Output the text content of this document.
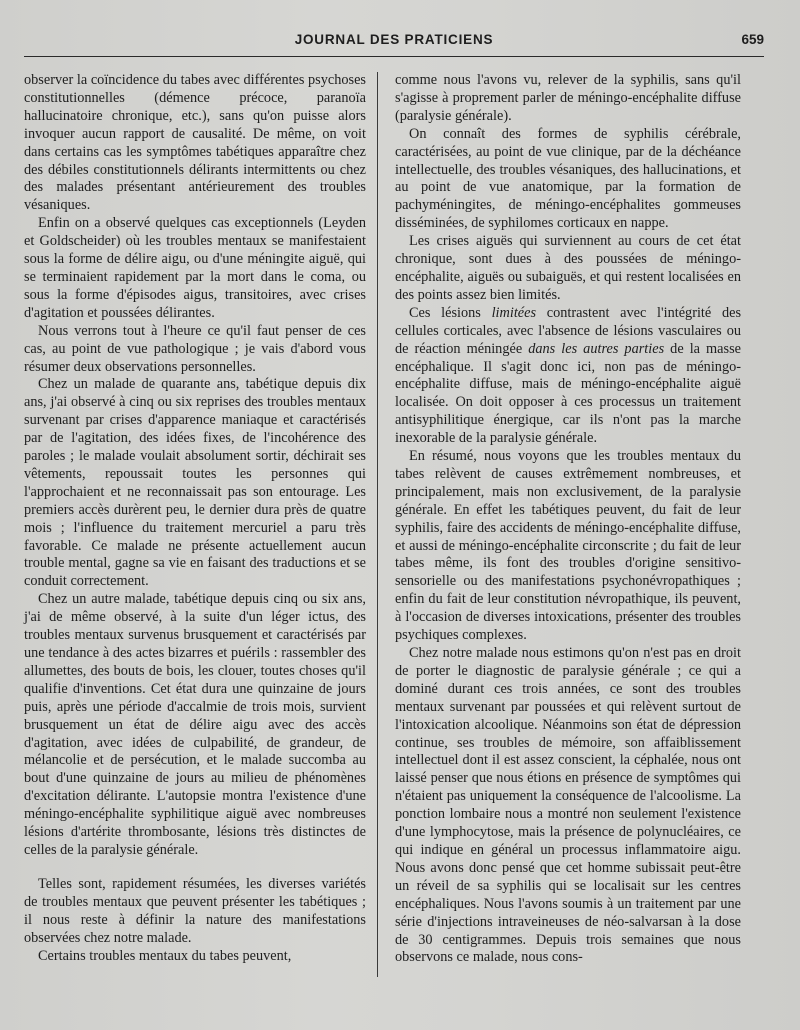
JOURNAL DES PRATICIENS	659

observer la coïncidence du tabes avec différentes psychoses constitutionnelles (démence précoce, paranoïa hallucinatoire chronique, etc.), sans qu'on puisse alors invoquer aucun rapport de causalité. De même, on voit dans certains cas les symptômes tabétiques apparaître chez des débiles constitutionnels délirants intermittents ou chez des malades présentant antérieurement des troubles vésaniques.

Enfin on a observé quelques cas exceptionnels (Leyden et Goldscheider) où les troubles mentaux se manifestaient sous la forme de délire aigu, ou d'une méningite aiguë, qui se terminaient rapidement par la mort dans le coma, ou sous la forme d'épisodes aigus, transitoires, avec crises d'agitation et poussées délirantes.

Nous verrons tout à l'heure ce qu'il faut penser de ces cas, au point de vue pathologique ; je vais d'abord vous résumer deux observations personnelles.

Chez un malade de quarante ans, tabétique depuis dix ans, j'ai observé à cinq ou six reprises des troubles mentaux survenant par crises d'apparence maniaque et caractérisés par de l'agitation, des idées fixes, de l'incohérence des paroles ; le malade voulait absolument sortir, déchirait ses vêtements, repoussait toutes les personnes qui l'approchaient et ne reconnaissait pas son entourage. Les premiers accès durèrent peu, le dernier dura près de quatre mois ; l'influence du traitement mercuriel a paru très favorable. Ce malade ne présente actuellement aucun trouble mental, gagne sa vie en faisant des traductions et se conduit correctement.

Chez un autre malade, tabétique depuis cinq ou six ans, j'ai de même observé, à la suite d'un léger ictus, des troubles mentaux survenus brusquement et caractérisés par une tendance à des actes bizarres et puérils : rassembler des allumettes, des bouts de bois, les clouer, toutes choses qu'il qualifie d'inventions. Cet état dura une quinzaine de jours puis, après une période d'accalmie de trois mois, survient brusquement un état de délire aigu avec des accès d'agitation, avec idées de culpabilité, de grandeur, de mélancolie et de persécution, et le malade succomba au bout d'une quinzaine de jours au milieu de phénomènes d'excitation délirante. L'autopsie montra l'existence d'une méningo-encéphalite syphilitique aiguë avec nombreuses lésions d'artérite thrombosante, lésions très distinctes de celles de la paralysie générale.

Telles sont, rapidement résumées, les diverses variétés de troubles mentaux que peuvent présenter les tabétiques ; il nous reste à définir la nature des manifestations observées chez notre malade.

Certains troubles mentaux du tabes peuvent,

comme nous l'avons vu, relever de la syphilis, sans qu'il s'agisse à proprement parler de méningo-encéphalite diffuse (paralysie générale).

On connaît des formes de syphilis cérébrale, caractérisées, au point de vue clinique, par de la déchéance intellectuelle, des troubles vésaniques, des hallucinations, et au point de vue anatomique, par la formation de pachyméningites, de méningo-encéphalites gommeuses disséminées, de syphilomes corticaux en nappe.

Les crises aiguës qui surviennent au cours de cet état chronique, sont dues à des poussées de méningo-encéphalite, aiguës ou subaiguës, et qui restent localisées en des points assez bien limités.

Ces lésions limitées contrastent avec l'intégrité des cellules corticales, avec l'absence de lésions vasculaires ou de réaction méningée dans les autres parties de la masse encéphalique. Il s'agit donc ici, non pas de méningo-encéphalite diffuse, mais de méningo-encéphalite aiguë localisée. On doit opposer à ces processus un traitement antisyphilitique énergique, car ils n'ont pas la marche inexorable de la paralysie générale.

En résumé, nous voyons que les troubles mentaux du tabes relèvent de causes extrêmement nombreuses, et principalement, mais non exclusivement, de la paralysie générale. En effet les tabétiques peuvent, du fait de leur syphilis, faire des accidents de méningo-encéphalite diffuse, et aussi de méningo-encéphalite circonscrite ; du fait de leur tabes même, ils font des troubles d'origine sensitivo-sensorielle ou des manifestations psychonévropathiques ; enfin du fait de leur constitution névropathique, ils peuvent, à l'occasion de diverses intoxications, présenter des troubles psychiques complexes.

Chez notre malade nous estimons qu'on n'est pas en droit de porter le diagnostic de paralysie générale ; ce qui a dominé durant ces trois années, ce sont des troubles mentaux survenant par poussées et qui relèvent surtout de l'intoxication alcoolique. Néanmoins son état de dépression continue, ses troubles de mémoire, son affaiblissement intellectuel dont il est assez conscient, la céphalée, nous ont laissé penser que nous étions en présence de symptômes qui n'étaient pas uniquement la conséquence de l'alcoolisme. La ponction lombaire nous a montré non seulement l'existence d'une lymphocytose, mais la présence de polynucléaires, ce qui indique en général un processus inflammatoire aigu. Nous avons donc pensé que cet homme subissait peut-être un réveil de sa syphilis qui se localisait sur les centres encéphaliques. Nous l'avons soumis à un traitement par une série d'injections intraveineuses de néo-salvarsan à la dose de 30 centigrammes. Depuis trois semaines que nous observons ce malade, nous cons-
